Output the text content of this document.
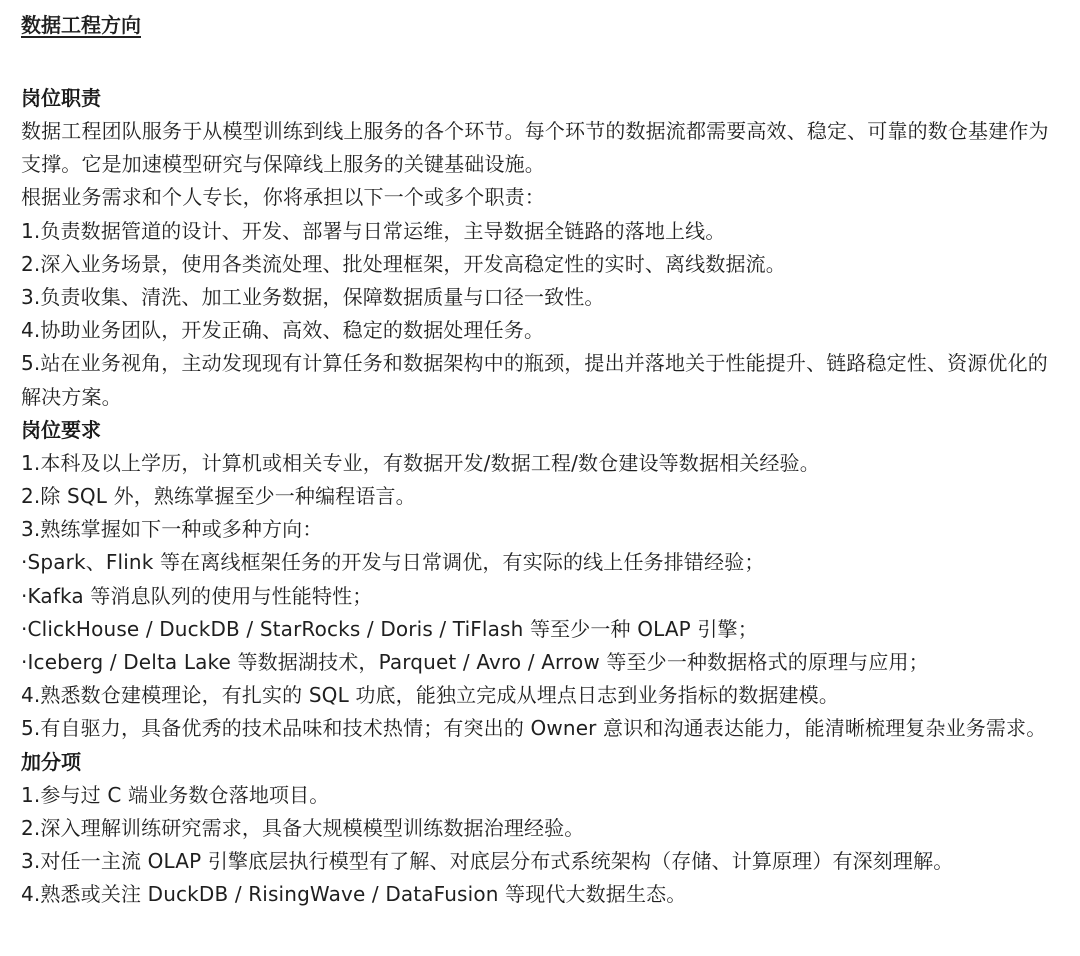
数据工程方向
岗位职责
数据工程团队服务于从模型训练到线上服务的各个环节。每个环节的数据流都需要高效、稳定、可靠的数仓基建作为支撑。它是加速模型研究与保障线上服务的关键基础设施。
根据业务需求和个人专长，你将承担以下一个或多个职责：
1.负责数据管道的设计、开发、部署与日常运维，主导数据全链路的落地上线。
2.深入业务场景，使用各类流处理、批处理框架，开发高稳定性的实时、离线数据流。
3.负责收集、清洗、加工业务数据，保障数据质量与口径一致性。
4.协助业务团队，开发正确、高效、稳定的数据处理任务。
5.站在业务视角，主动发现现有计算任务和数据架构中的瓶颈，提出并落地关于性能提升、链路稳定性、资源优化的解决方案。
岗位要求
1.本科及以上学历，计算机或相关专业，有数据开发/数据工程/数仓建设等数据相关经验。
2.除 SQL 外，熟练掌握至少一种编程语言。
3.熟练掌握如下一种或多种方向：
·Spark、Flink 等在离线框架任务的开发与日常调优，有实际的线上任务排错经验；
·Kafka 等消息队列的使用与性能特性；
·ClickHouse / DuckDB / StarRocks / Doris / TiFlash 等至少一种 OLAP 引擎；
·Iceberg / Delta Lake 等数据湖技术，Parquet / Avro / Arrow 等至少一种数据格式的原理与应用；
4.熟悉数仓建模理论，有扎实的 SQL 功底，能独立完成从埋点日志到业务指标的数据建模。
5.有自驱力，具备优秀的技术品味和技术热情；有突出的 Owner 意识和沟通表达能力，能清晰梳理复杂业务需求。
加分项
1.参与过 C 端业务数仓落地项目。
2.深入理解训练研究需求，具备大规模模型训练数据治理经验。
3.对任一主流 OLAP 引擎底层执行模型有了解、对底层分布式系统架构（存储、计算原理）有深刻理解。
4.熟悉或关注 DuckDB / RisingWave / DataFusion 等现代大数据生态。
